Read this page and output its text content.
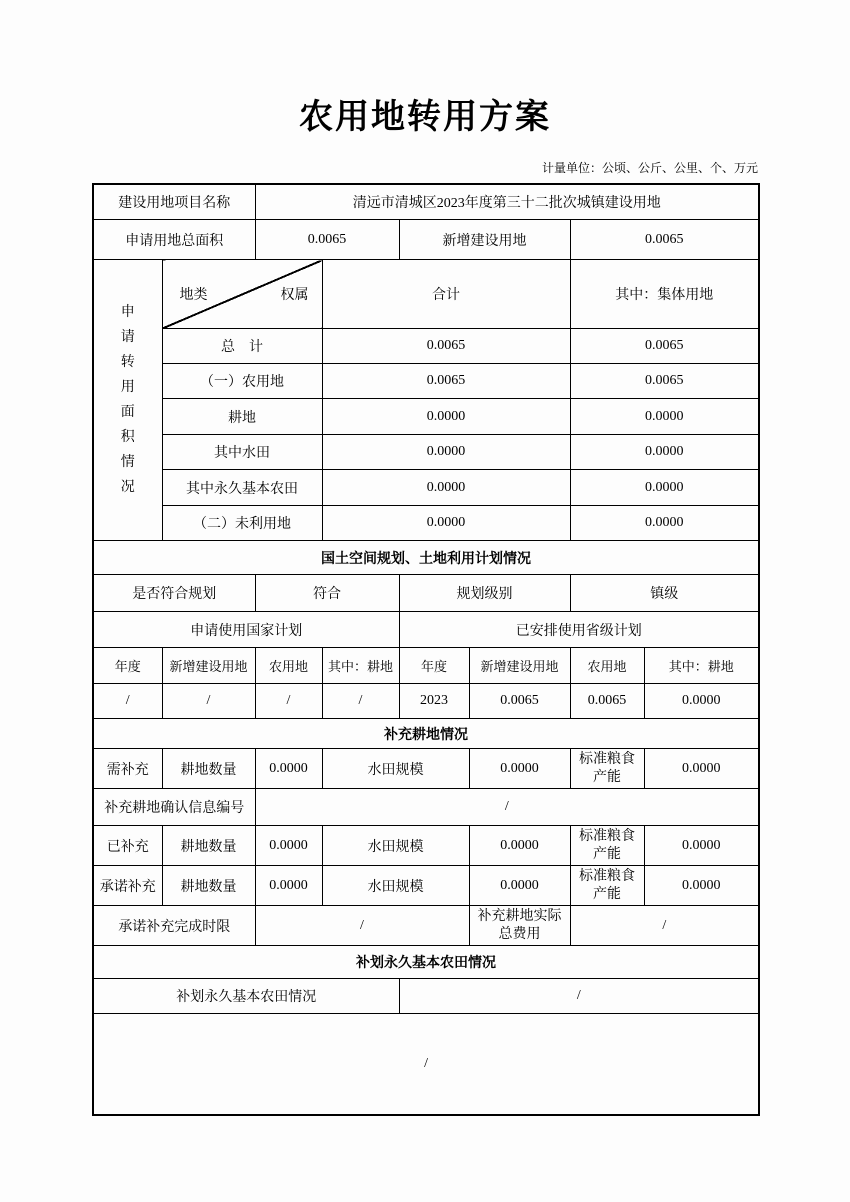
农用地转用方案
计量单位：公顷、公斤、公里、个、万元
建设用地项目名称		清远市清城区2023年度第三十二批次城镇建设用地					
申请用地总面积		0.0065		新增建设用地		0.0065	

申请转用面积情况	地类 权属		合计			其中：集体用地	
	总　计		0.0065			0.0065	
	（一）农用地		0.0065			0.0065	
	耕地		0.0000			0.0000	
	其中水田		0.0000			0.0000	
	其中永久基本农田		0.0000			0.0000	
	（二）未利用地		0.0000			0.0000	
国土空间规划、土地利用计划情况							
是否符合规划		符合		规划级别		镇级	
申请使用国家计划				已安排使用省级计划			
年度	新增建设用地	农用地	其中：耕地	年度	新增建设用地	农用地	其中：耕地
/	/	/	/	2023	0.0065	0.0065	0.0000
补充耕地情况							
需补充	耕地数量	0.0000	水田规模		0.0000	标准粮食产能	0.0000
补充耕地确认信息编号		/					
已补充	耕地数量	0.0000	水田规模		0.0000	标准粮食产能	0.0000
承诺补充	耕地数量	0.0000	水田规模		0.0000	标准粮食产能	0.0000
承诺补充完成时限		/			补充耕地实际总费用	/	
补划永久基本农田情况							
补划永久基本农田情况				/			
/							
